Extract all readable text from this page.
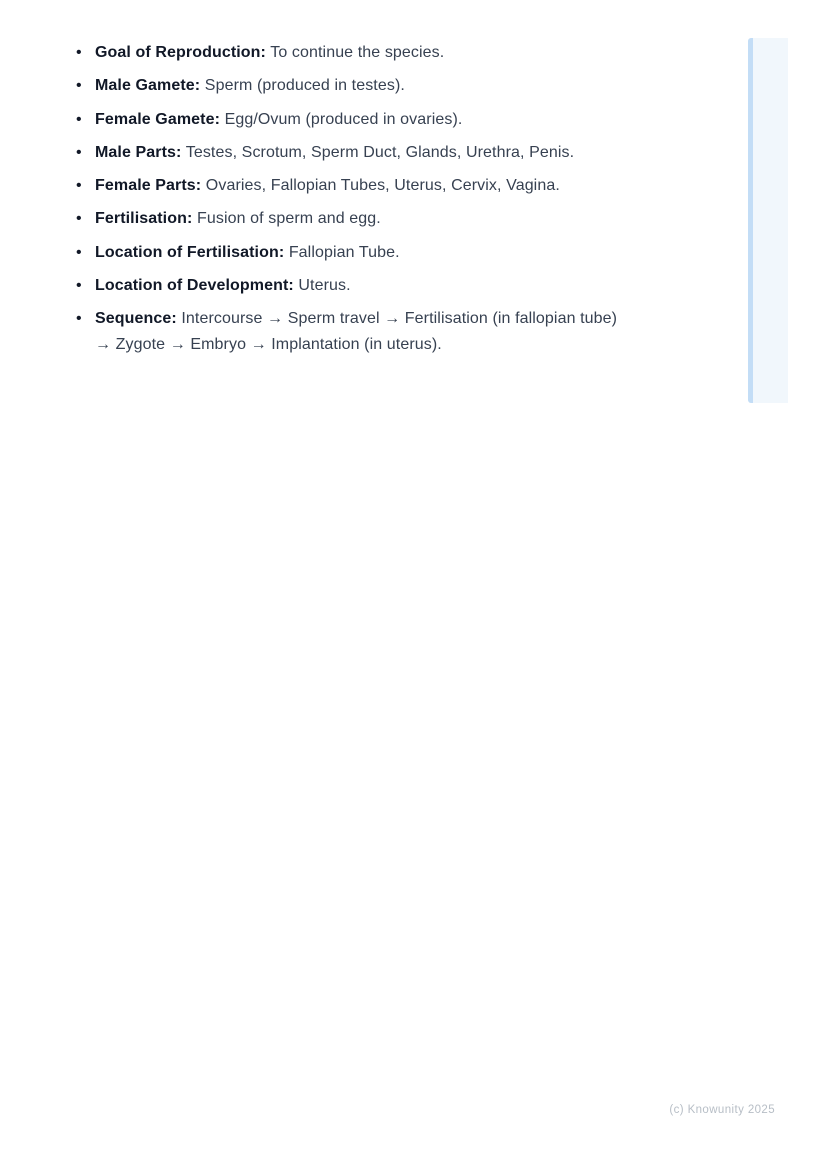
• Goal of Reproduction: To continue the species.
• Male Gamete: Sperm (produced in testes).
• Female Gamete: Egg/Ovum (produced in ovaries).
• Male Parts: Testes, Scrotum, Sperm Duct, Glands, Urethra, Penis.
• Female Parts: Ovaries, Fallopian Tubes, Uterus, Cervix, Vagina.
• Fertilisation: Fusion of sperm and egg.
• Location of Fertilisation: Fallopian Tube.
• Location of Development: Uterus.
• Sequence: Intercourse → Sperm travel → Fertilisation (in fallopian tube) → Zygote → Embryo → Implantation (in uterus).
(c) Knowunity 2025
